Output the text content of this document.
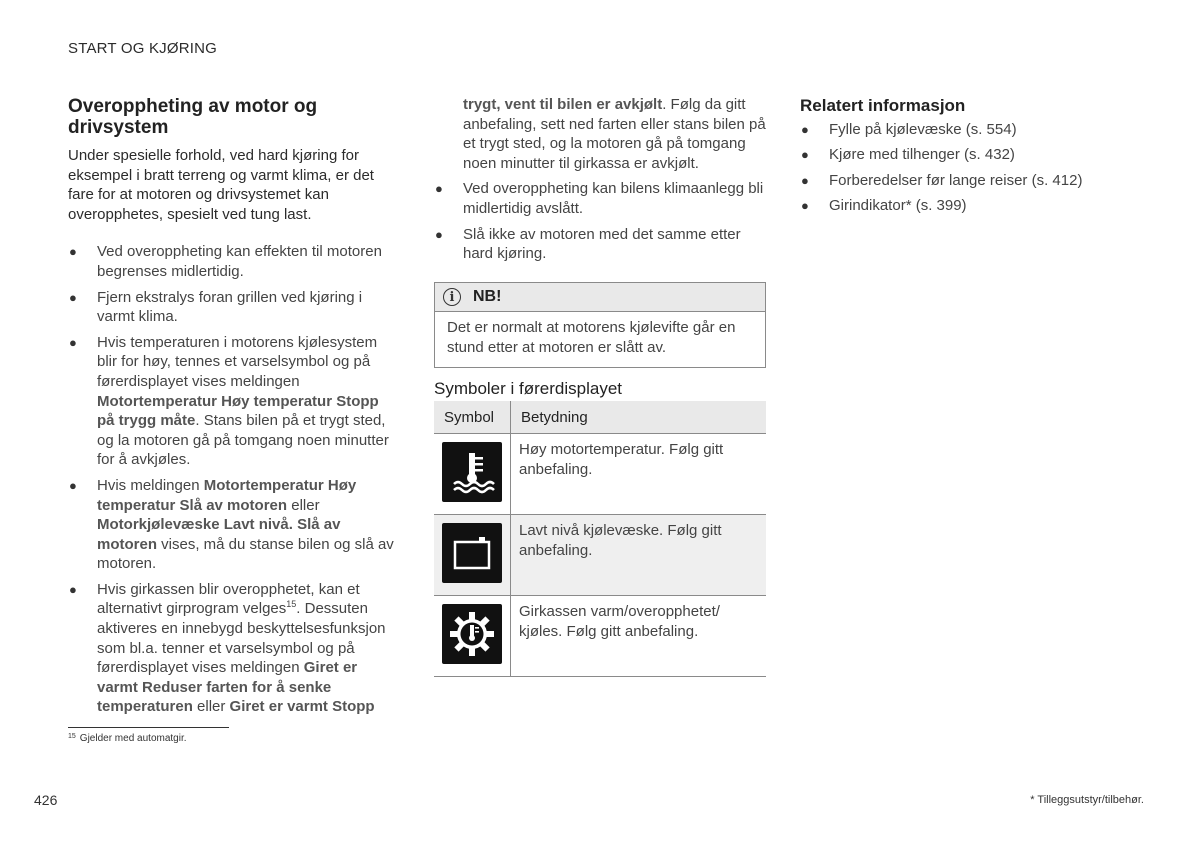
START OG KJØRING
Overoppheting av motor og drivsystem

Under spesielle forhold, ved hard kjøring for eksempel i bratt terreng og varmt klima, er det fare for at motoren og drivsystemet kan overopphetes, spesielt ved tung last.

● Ved overoppheting kan effekten til motoren begrenses midlertidig.
● Fjern ekstralys foran grillen ved kjøring i varmt klima.
● Hvis temperaturen i motorens kjølesystem blir for høy, tennes et varselsymbol og på førerdisplayet vises meldingen Motortemperatur Høy temperatur Stopp på trygg måte. Stans bilen på et trygt sted, og la motoren gå på tomgang noen minutter for å avkjøles.
● Hvis meldingen Motortemperatur Høy temperatur Slå av motoren eller Motorkjølevæske Lavt nivå. Slå av motoren vises, må du stanse bilen og slå av motoren.
● Hvis girkassen blir overopphetet, kan et alternativt girprogram velges$^{15}$. Dessuten aktiveres en innebygd beskyttelsesfunksjon som bl.a. tenner et varselsymbol og på førerdisplayet vises meldingen Giret er varmt Reduser farten for å senke temperaturen eller Giret er varmt Stopp
trygt, vent til bilen er avkjølt. Følg da gitt anbefaling, sett ned farten eller stans bilen på et trygt sted, og la motoren gå på tomgang noen minutter til girkassa er avkjølt.
● Ved overoppheting kan bilens klimaanlegg bli midlertidig avslått.
● Slå ikke av motoren med det samme etter hard kjøring.
i	NB!
Det er normalt at motorens kjølevifte går en stund etter at motoren er slått av.
Symboler i førerdisplayet
Symbol	Betydning

	Høy motortemperatur. Følg gitt anbefaling.

	Lavt nivå kjølevæske. Følg gitt anbefaling.

	Girkassen varm/overopphetet/ kjøles. Følg gitt anbefaling.
Relatert informasjon
● Fylle på kjølevæske (s. 554)
● Kjøre med tilhenger (s. 432)
● Forberedelser før lange reiser (s. 412)
● Girindikator* (s. 399)
$^{15}$ Gjelder med automatgir.
426	* Tilleggsutstyr/tilbehør.
